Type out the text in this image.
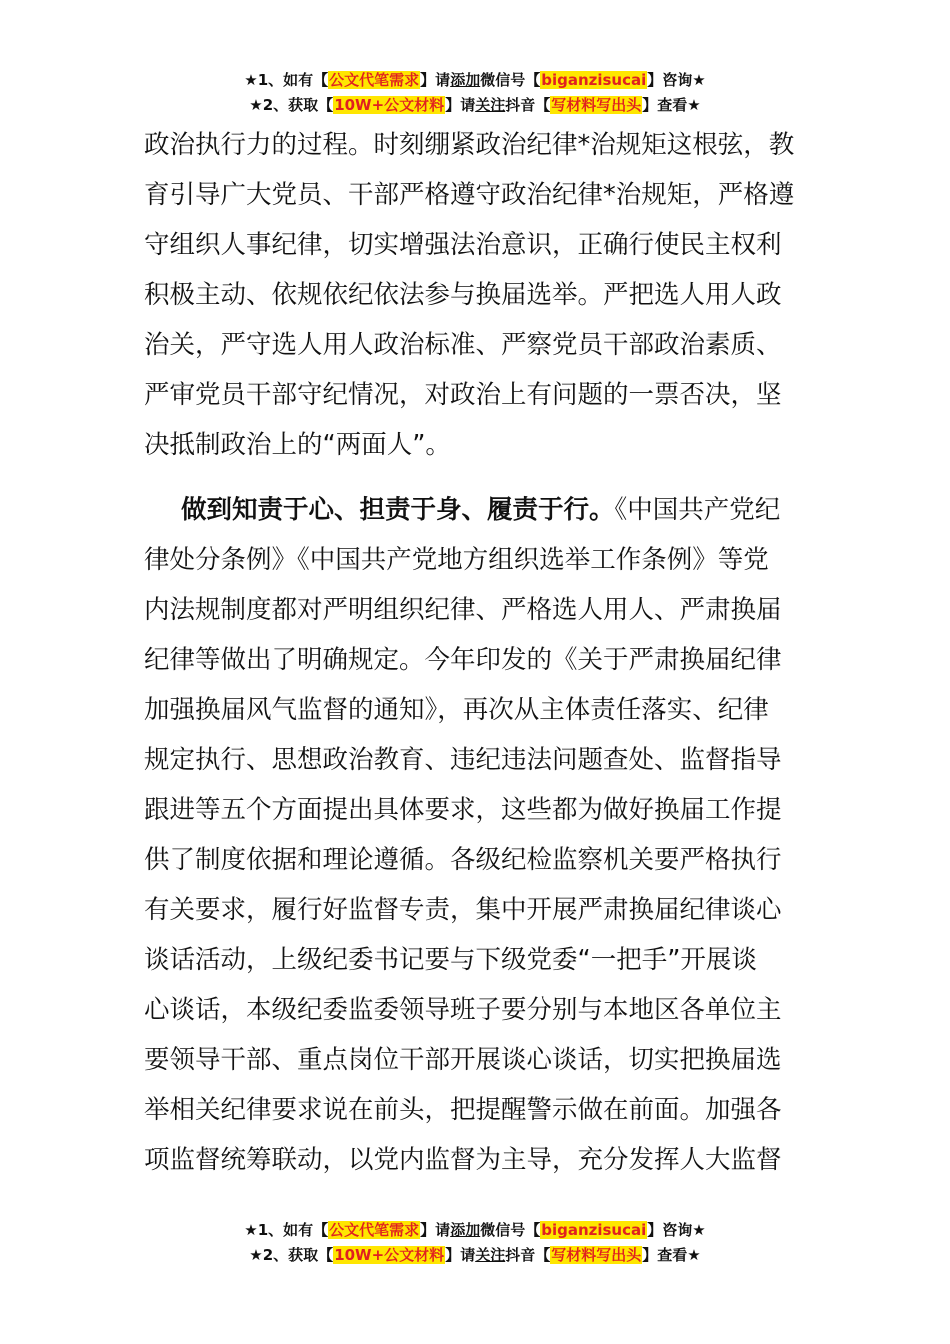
★1、如有【公文代笔需求】请添加微信号【biganzisucai】咨询★
★2、获取【10W+公文材料】请关注抖音【写材料写出头】查看★
政治执行力的过程。时刻绷紧政治纪律*治规矩这根弦，教
育引导广大党员、干部严格遵守政治纪律*治规矩，严格遵
守组织人事纪律，切实增强法治意识，正确行使民主权利
积极主动、依规依纪依法参与换届选举。严把选人用人政
治关，严守选人用人政治标准、严察党员干部政治素质、
严审党员干部守纪情况，对政治上有问题的一票否决，坚
决抵制政治上的“两面人”。
做到知责于心、担责于身、履责于行。《中国共产党纪
律处分条例》《中国共产党地方组织选举工作条例》等党
内法规制度都对严明组织纪律、严格选人用人、严肃换届
纪律等做出了明确规定。今年印发的《关于严肃换届纪律
加强换届风气监督的通知》，再次从主体责任落实、纪律
规定执行、思想政治教育、违纪违法问题查处、监督指导
跟进等五个方面提出具体要求，这些都为做好换届工作提
供了制度依据和理论遵循。各级纪检监察机关要严格执行
有关要求，履行好监督专责，集中开展严肃换届纪律谈心
谈话活动，上级纪委书记要与下级党委“一把手”开展谈
心谈话，本级纪委监委领导班子要分别与本地区各单位主
要领导干部、重点岗位干部开展谈心谈话，切实把换届选
举相关纪律要求说在前头，把提醒警示做在前面。加强各
项监督统筹联动，以党内监督为主导，充分发挥人大监督
★1、如有【公文代笔需求】请添加微信号【biganzisucai】咨询★
★2、获取【10W+公文材料】请关注抖音【写材料写出头】查看★
